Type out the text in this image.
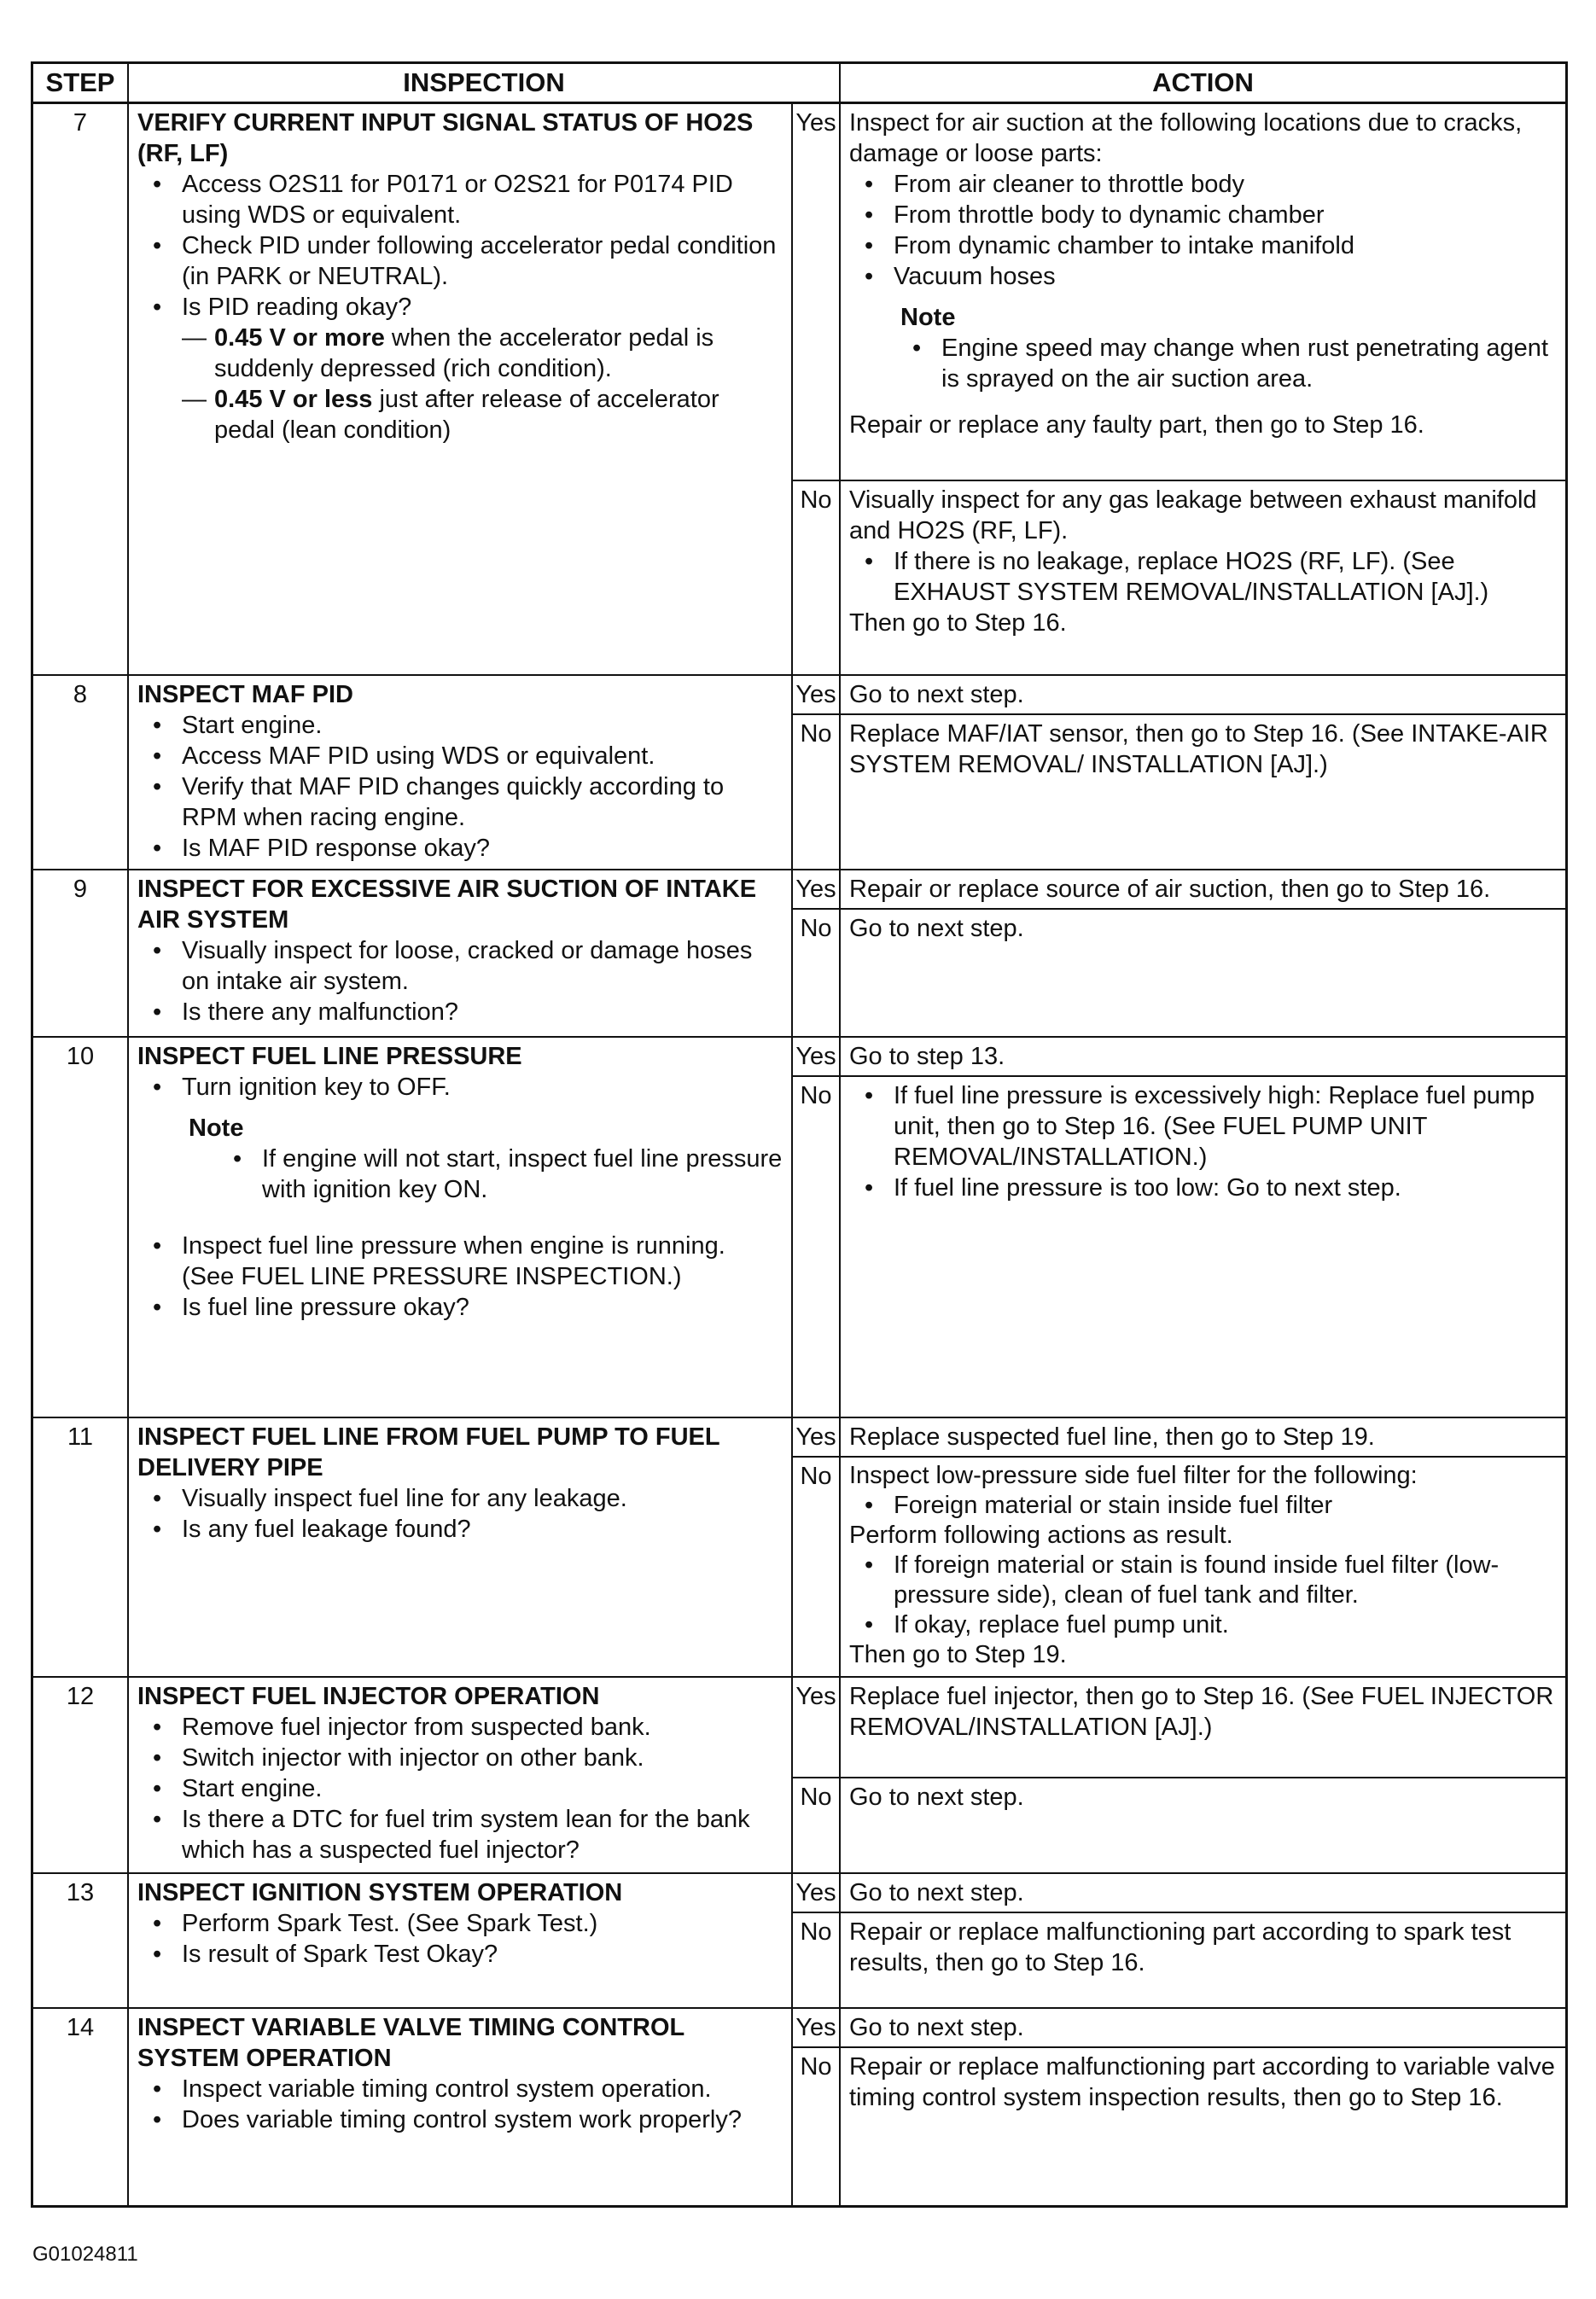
STEP	INSPECTION	ACTION
7	VERIFY CURRENT INPUT SIGNAL STATUS OF HO2S (RF, LF)
• Access O2S11 for P0171 or O2S21 for P0174 PID using WDS or equivalent.
• Check PID under following accelerator pedal condition (in PARK or NEUTRAL).
• Is PID reading okay?
— 0.45 V or more when the accelerator pedal is suddenly depressed (rich condition).
— 0.45 V or less just after release of accelerator pedal (lean condition)
Yes Inspect for air suction at the following locations due to cracks, damage or loose parts:
• From air cleaner to throttle body
• From throttle body to dynamic chamber
• From dynamic chamber to intake manifold
• Vacuum hoses
Note
• Engine speed may change when rust penetrating agent is sprayed on the air suction area.
Repair or replace any faulty part, then go to Step 16.
No Visually inspect for any gas leakage between exhaust manifold and HO2S (RF, LF).
• If there is no leakage, replace HO2S (RF, LF). (See EXHAUST SYSTEM REMOVAL/INSTALLATION [AJ].)
Then go to Step 16.
8	INSPECT MAF PID
• Start engine.
• Access MAF PID using WDS or equivalent.
• Verify that MAF PID changes quickly according to RPM when racing engine.
• Is MAF PID response okay?
Yes Go to next step.
No Replace MAF/IAT sensor, then go to Step 16. (See INTAKE-AIR SYSTEM REMOVAL/ INSTALLATION [AJ].)
9	INSPECT FOR EXCESSIVE AIR SUCTION OF INTAKE AIR SYSTEM
• Visually inspect for loose, cracked or damage hoses on intake air system.
• Is there any malfunction?
Yes Repair or replace source of air suction, then go to Step 16.
No Go to next step.
10	INSPECT FUEL LINE PRESSURE
• Turn ignition key to OFF.
Note
• If engine will not start, inspect fuel line pressure with ignition key ON.
• Inspect fuel line pressure when engine is running. (See FUEL LINE PRESSURE INSPECTION.)
• Is fuel line pressure okay?
Yes Go to step 13.
No
•	If fuel line pressure is excessively high: Replace fuel pump unit, then go to Step 16. (See FUEL PUMP UNIT REMOVAL/INSTALLATION.)
• If fuel line pressure is too low: Go to next step.
11	INSPECT FUEL LINE FROM FUEL PUMP TO FUEL DELIVERY PIPE
• Visually inspect fuel line for any leakage.
• Is any fuel leakage found?
Yes Replace suspected fuel line, then go to Step 19.
No Inspect low-pressure side fuel filter for the following:
• Foreign material or stain inside fuel filter
Perform following actions as result.
• If foreign material or stain is found inside fuel filter (low-pressure side), clean of fuel tank and filter.
• If okay, replace fuel pump unit.
Then go to Step 19.
12	INSPECT FUEL INJECTOR OPERATION
• Remove fuel injector from suspected bank.
• Switch injector with injector on other bank.
• Start engine.
• Is there a DTC for fuel trim system lean for the bank which has a suspected fuel injector?
Yes Replace fuel injector, then go to Step 16. (See FUEL INJECTOR REMOVAL/INSTALLATION [AJ].)
No Go to next step.
13	INSPECT IGNITION SYSTEM OPERATION
• Perform Spark Test. (See Spark Test.)
• Is result of Spark Test Okay?
Yes Go to next step.
No Repair or replace malfunctioning part according to spark test results, then go to Step 16.
14	INSPECT VARIABLE VALVE TIMING CONTROL SYSTEM OPERATION
• Inspect variable timing control system operation.
• Does variable timing control system work properly?
Yes Go to next step.
No Repair or replace malfunctioning part according to variable valve timing control system inspection results, then go to Step 16.
G01024811
